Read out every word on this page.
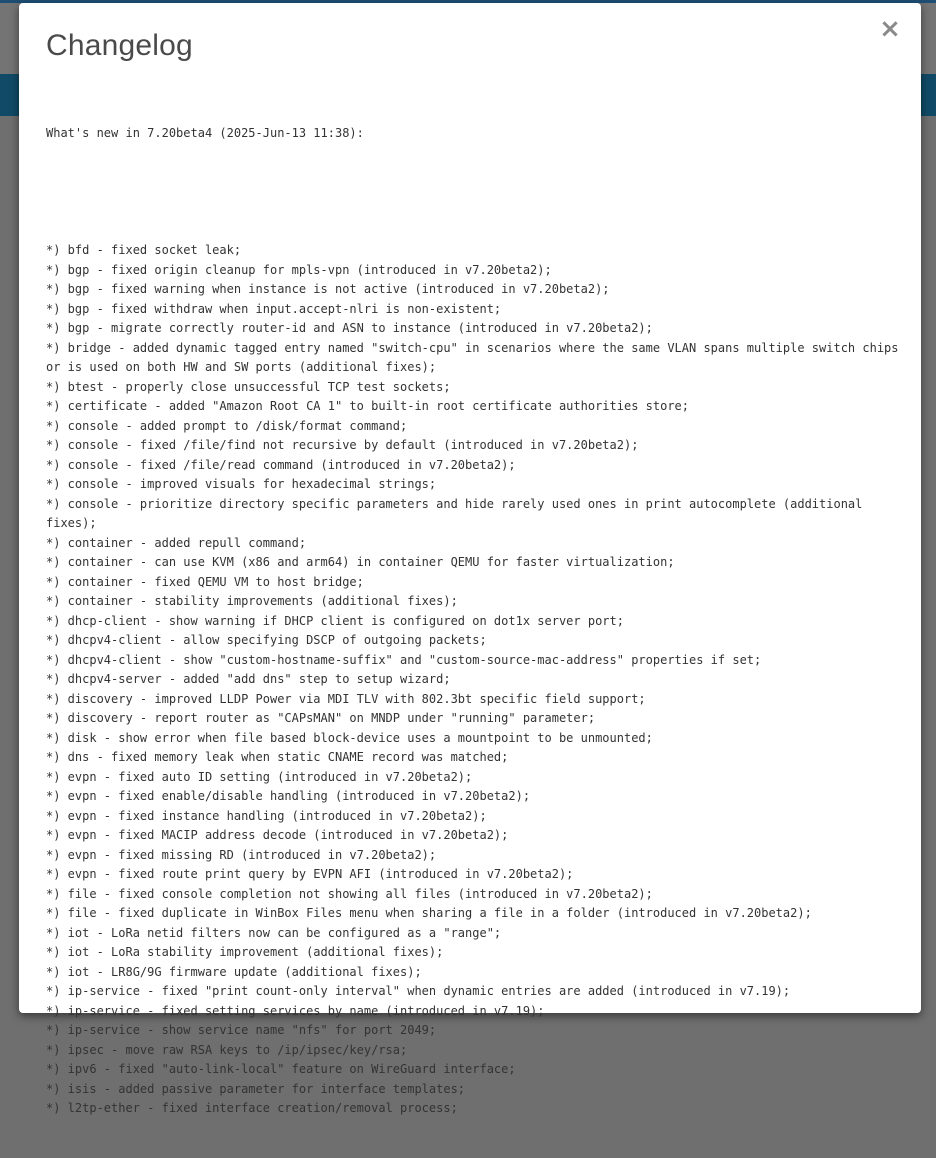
×
Changelog

What's new in 7.20beta4 (2025-Jun-13 11:38):

*) bfd - fixed socket leak;
*) bgp - fixed origin cleanup for mpls-vpn (introduced in v7.20beta2);
*) bgp - fixed warning when instance is not active (introduced in v7.20beta2);
*) bgp - fixed withdraw when input.accept-nlri is non-existent;
*) bgp - migrate correctly router-id and ASN to instance (introduced in v7.20beta2);
*) bridge - added dynamic tagged entry named "switch-cpu" in scenarios where the same VLAN spans multiple switch chips or is used on both HW and SW ports (additional fixes);
*) btest - properly close unsuccessful TCP test sockets;
*) certificate - added "Amazon Root CA 1" to built-in root certificate authorities store;
*) console - added prompt to /disk/format command;
*) console - fixed /file/find not recursive by default (introduced in v7.20beta2);
*) console - fixed /file/read command (introduced in v7.20beta2);
*) console - improved visuals for hexadecimal strings;
*) console - prioritize directory specific parameters and hide rarely used ones in print autocomplete (additional fixes);
*) container - added repull command;
*) container - can use KVM (x86 and arm64) in container QEMU for faster virtualization;
*) container - fixed QEMU VM to host bridge;
*) container - stability improvements (additional fixes);
*) dhcp-client - show warning if DHCP client is configured on dot1x server port;
*) dhcpv4-client - allow specifying DSCP of outgoing packets;
*) dhcpv4-client - show "custom-hostname-suffix" and "custom-source-mac-address" properties if set;
*) dhcpv4-server - added "add dns" step to setup wizard;
*) discovery - improved LLDP Power via MDI TLV with 802.3bt specific field support;
*) discovery - report router as "CAPsMAN" on MNDP under "running" parameter;
*) disk - show error when file based block-device uses a mountpoint to be unmounted;
*) dns - fixed memory leak when static CNAME record was matched;
*) evpn - fixed auto ID setting (introduced in v7.20beta2);
*) evpn - fixed enable/disable handling (introduced in v7.20beta2);
*) evpn - fixed instance handling (introduced in v7.20beta2);
*) evpn - fixed MACIP address decode (introduced in v7.20beta2);
*) evpn - fixed missing RD (introduced in v7.20beta2);
*) evpn - fixed route print query by EVPN AFI (introduced in v7.20beta2);
*) file - fixed console completion not showing all files (introduced in v7.20beta2);
*) file - fixed duplicate in WinBox Files menu when sharing a file in a folder (introduced in v7.20beta2);
*) iot - LoRa netid filters now can be configured as a "range";
*) iot - LoRa stability improvement (additional fixes);
*) iot - LR8G/9G firmware update (additional fixes);
*) ip-service - fixed "print count-only interval" when dynamic entries are added (introduced in v7.19);
*) ip-service - fixed setting services by name (introduced in v7.19);
*) ip-service - show service name "nfs" for port 2049;
*) ipsec - move raw RSA keys to /ip/ipsec/key/rsa;
*) ipv6 - fixed "auto-link-local" feature on WireGuard interface;
*) isis - added passive parameter for interface templates;
*) l2tp-ether - fixed interface creation/removal process;
